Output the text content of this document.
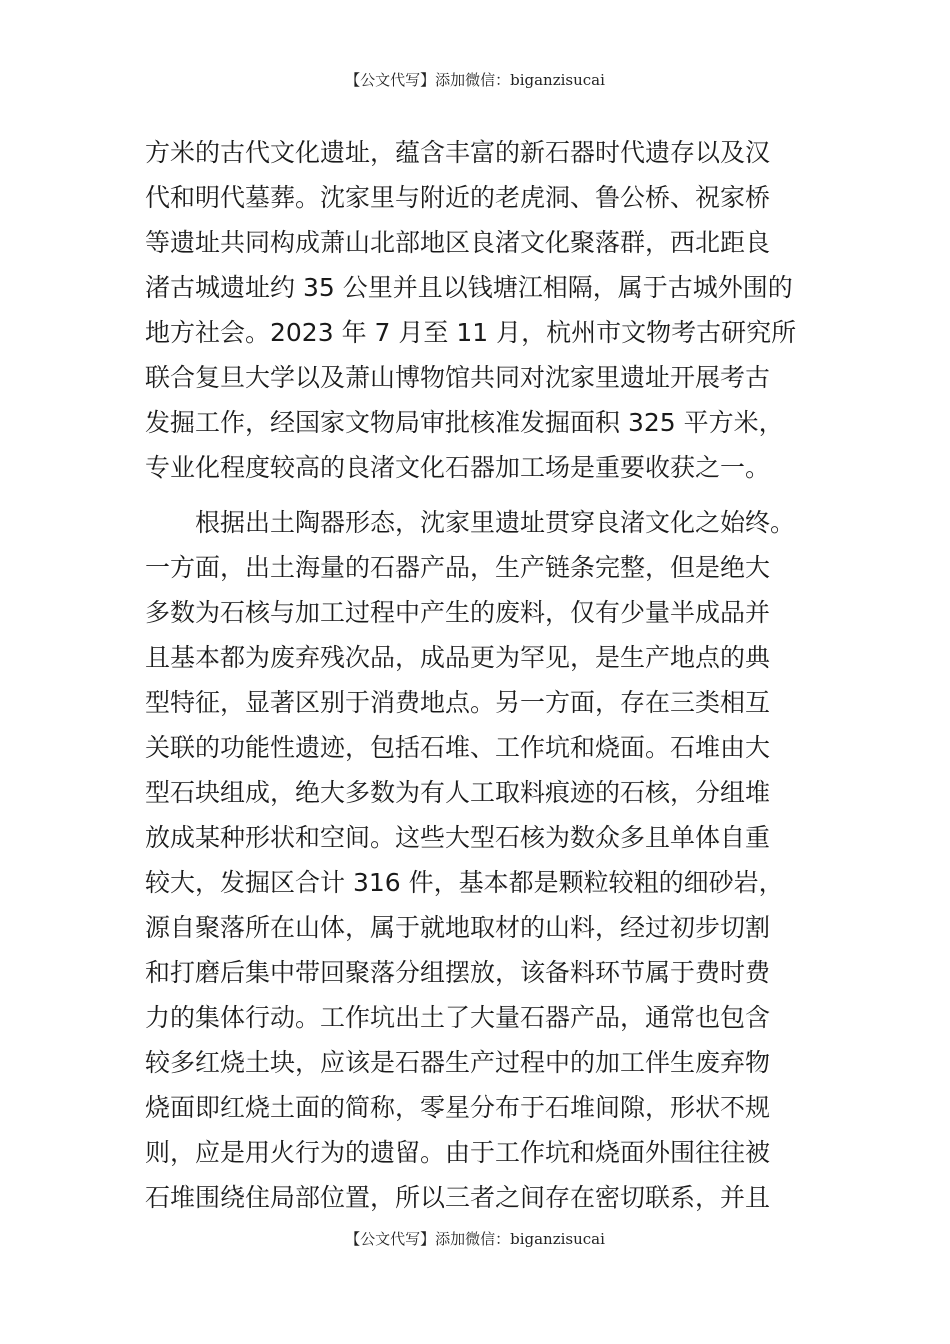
【公文代写】添加微信：biganzisucai
方米的古代文化遗址，蕴含丰富的新石器时代遗存以及汉
代和明代墓葬。沈家里与附近的老虎洞、鲁公桥、祝家桥
等遗址共同构成萧山北部地区良渚文化聚落群，西北距良
渚古城遗址约 35 公里并且以钱塘江相隔，属于古城外围的
地方社会。2023 年 7 月至 11 月，杭州市文物考古研究所
联合复旦大学以及萧山博物馆共同对沈家里遗址开展考古
发掘工作，经国家文物局审批核准发掘面积 325 平方米，
专业化程度较高的良渚文化石器加工场是重要收获之一。
根据出土陶器形态，沈家里遗址贯穿良渚文化之始终。
一方面，出土海量的石器产品，生产链条完整，但是绝大
多数为石核与加工过程中产生的废料，仅有少量半成品并
且基本都为废弃残次品，成品更为罕见，是生产地点的典
型特征，显著区别于消费地点。另一方面，存在三类相互
关联的功能性遗迹，包括石堆、工作坑和烧面。石堆由大
型石块组成，绝大多数为有人工取料痕迹的石核，分组堆
放成某种形状和空间。这些大型石核为数众多且单体自重
较大，发掘区合计 316 件，基本都是颗粒较粗的细砂岩，
源自聚落所在山体，属于就地取材的山料，经过初步切割
和打磨后集中带回聚落分组摆放，该备料环节属于费时费
力的集体行动。工作坑出土了大量石器产品，通常也包含
较多红烧土块，应该是石器生产过程中的加工伴生废弃物
烧面即红烧土面的简称，零星分布于石堆间隙，形状不规
则，应是用火行为的遗留。由于工作坑和烧面外围往往被
石堆围绕住局部位置，所以三者之间存在密切联系，并且
【公文代写】添加微信：biganzisucai
